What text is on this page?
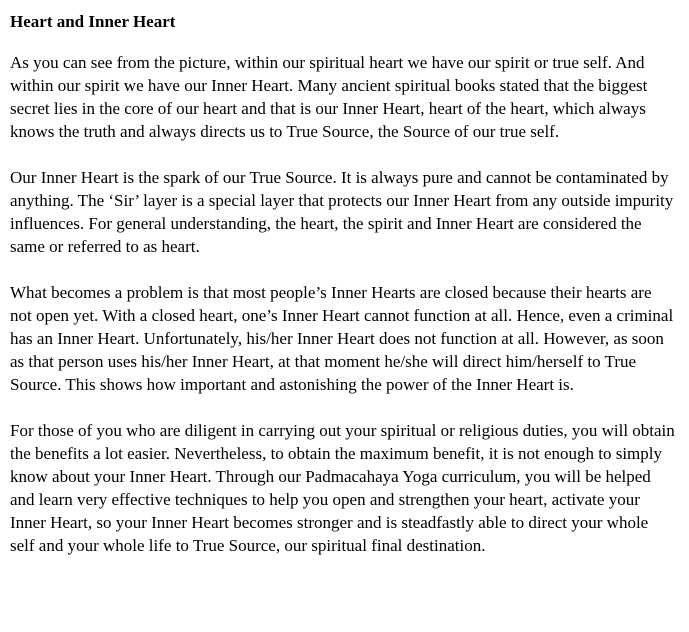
Heart and Inner Heart

As you can see from the picture, within our spiritual heart we have our spirit or true self. And within our spirit we have our Inner Heart. Many ancient spiritual books stated that the biggest secret lies in the core of our heart and that is our Inner Heart, heart of the heart, which always knows the truth and always directs us to True Source, the Source of our true self.

Our Inner Heart is the spark of our True Source. It is always pure and cannot be contaminated by anything. The ‘Sir’ layer is a special layer that protects our Inner Heart from any outside impurity influences. For general understanding, the heart, the spirit and Inner Heart are considered the same or referred to as heart.

What becomes a problem is that most people’s Inner Hearts are closed because their hearts are not open yet. With a closed heart, one’s Inner Heart cannot function at all. Hence, even a criminal has an Inner Heart. Unfortunately, his/her Inner Heart does not function at all. However, as soon as that person uses his/her Inner Heart, at that moment he/she will direct him/herself to True Source. This shows how important and astonishing the power of the Inner Heart is.

For those of you who are diligent in carrying out your spiritual or religious duties, you will obtain the benefits a lot easier. Nevertheless, to obtain the maximum benefit, it is not enough to simply know about your Inner Heart. Through our Padmacahaya Yoga curriculum, you will be helped and learn very effective techniques to help you open and strengthen your heart, activate your Inner Heart, so your Inner Heart becomes stronger and is steadfastly able to direct your whole self and your whole life to True Source, our spiritual final destination.
